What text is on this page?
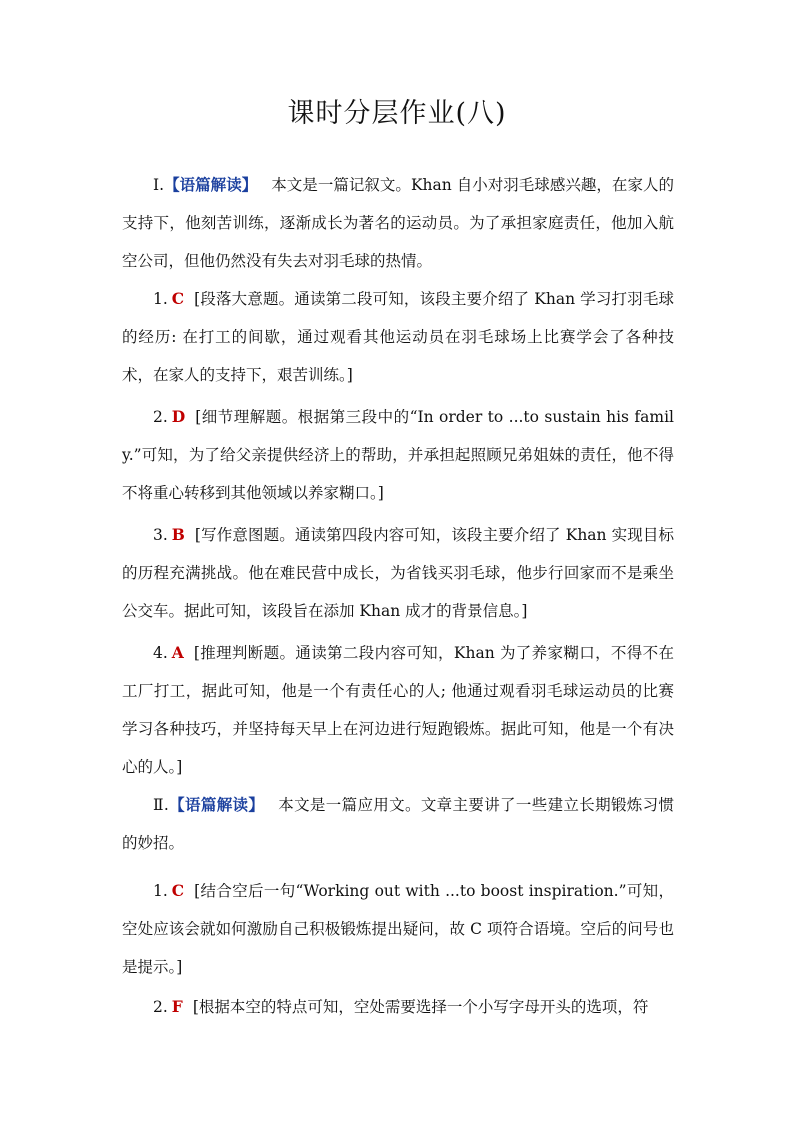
课时分层作业(八)
Ⅰ.【语篇解读】 本文是一篇记叙文。Khan 自小对羽毛球感兴趣，在家人的支持下，他刻苦训练，逐渐成长为著名的运动员。为了承担家庭责任，他加入航空公司，但他仍然没有失去对羽毛球的热情。
1. C [段落大意题。通读第二段可知，该段主要介绍了 Khan 学习打羽毛球的经历: 在打工的间歇，通过观看其他运动员在羽毛球场上比赛学会了各种技术，在家人的支持下，艰苦训练。]
2. D [细节理解题。根据第三段中的“In order to ...to sustain his family.”可知，为了给父亲提供经济上的帮助，并承担起照顾兄弟姐妹的责任，他不得不将重心转移到其他领域以养家糊口。]
3. B [写作意图题。通读第四段内容可知，该段主要介绍了 Khan 实现目标的历程充满挑战。他在难民营中成长，为省钱买羽毛球，他步行回家而不是乘坐公交车。据此可知，该段旨在添加 Khan 成才的背景信息。]
4. A [推理判断题。通读第二段内容可知，Khan 为了养家糊口，不得不在工厂打工，据此可知，他是一个有责任心的人; 他通过观看羽毛球运动员的比赛学习各种技巧，并坚持每天早上在河边进行短跑锻炼。据此可知，他是一个有决心的人。]
Ⅱ.【语篇解读】 本文是一篇应用文。文章主要讲了一些建立长期锻炼习惯的妙招。
1. C [结合空后一句“Working out with ...to boost inspiration.”可知，空处应该会就如何激励自己积极锻炼提出疑问，故 C 项符合语境。空后的问号也是提示。]
2. F [根据本空的特点可知，空处需要选择一个小写字母开头的选项，符
